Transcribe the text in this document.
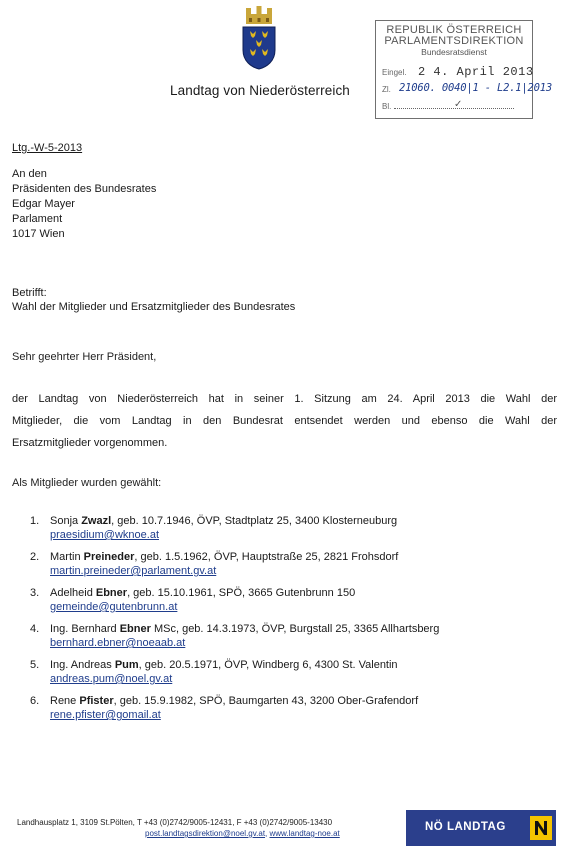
Landtag von Niederösterreich
REPUBLIK ÖSTERREICH
PARLAMENTSDIREKTION
Bundesratsdienst
Eingel. 2 4. April 2013
Zl. 21060. 0040|1 - L2.1|2013
Bl.	✓
Ltg.-W-5-2013
An den
Präsidenten des Bundesrates
Edgar Mayer
Parlament
1017 Wien
Betrifft:
Wahl der Mitglieder und Ersatzmitglieder des Bundesrates
Sehr geehrter Herr Präsident,
der Landtag von Niederösterreich hat in seiner 1. Sitzung am 24. April 2013 die Wahl der
Mitglieder, die vom Landtag in den Bundesrat entsendet werden und ebenso die Wahl der
Ersatzmitglieder vorgenommen.
Als Mitglieder wurden gewählt:
1. Sonja Zwazl, geb. 10.7.1946, ÖVP, Stadtplatz 25, 3400 Klosterneuburg
praesidium@wknoe.at
2. Martin Preineder, geb. 1.5.1962, ÖVP, Hauptstraße 25, 2821 Frohsdorf
martin.preineder@parlament.gv.at
3. Adelheid Ebner, geb. 15.10.1961, SPÖ, 3665 Gutenbrunn 150
gemeinde@gutenbrunn.at
4. Ing. Bernhard Ebner MSc, geb. 14.3.1973, ÖVP, Burgstall 25, 3365 Allhartsberg
bernhard.ebner@noeaab.at
5. Ing. Andreas Pum, geb. 20.5.1971, ÖVP, Windberg 6, 4300 St. Valentin
andreas.pum@noel.gv.at
6. Rene Pfister, geb. 15.9.1982, SPÖ, Baumgarten 43, 3200 Ober-Grafendorf
rene.pfister@gomail.at
Landhausplatz 1, 3109 St.Pölten, T +43 (0)2742/9005-12431, F +43 (0)2742/9005-13430
post.landtagsdirektion@noel.gv.at, www.landtag-noe.at
NÖ LANDTAG
